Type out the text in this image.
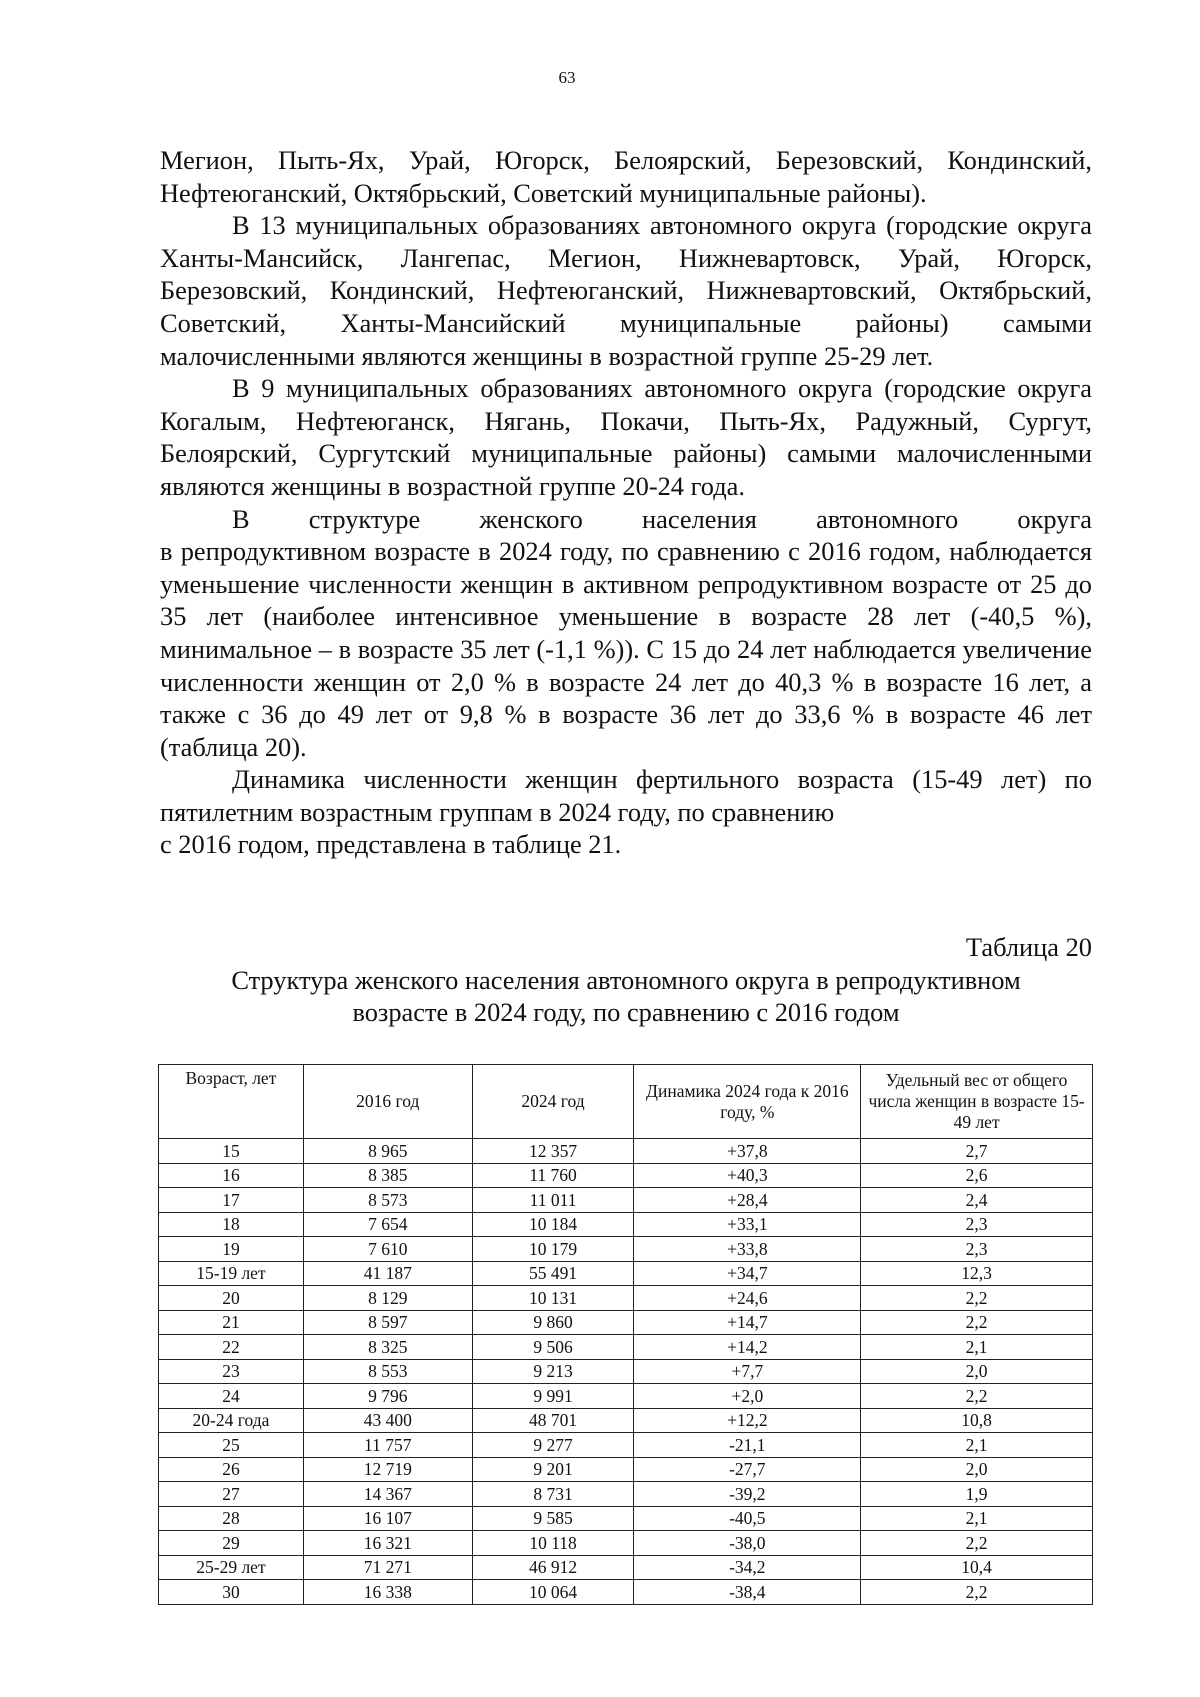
63

Мегион, Пыть-Ях, Урай, Югорск, Белоярский, Березовский, Кондинский, Нефтеюганский, Октябрьский, Советский муниципальные районы).

В 13 муниципальных образованиях автономного округа (городские округа Ханты-Мансийск, Лангепас, Мегион, Нижневартовск, Урай, Югорск, Березовский, Кондинский, Нефтеюганский, Нижневартовский, Октябрьский, Советский, Ханты-Мансийский муниципальные районы) самыми малочисленными являются женщины в возрастной группе 25-29 лет.

В 9 муниципальных образованиях автономного округа (городские округа Когалым, Нефтеюганск, Нягань, Покачи, Пыть-Ях, Радужный, Сургут, Белоярский, Сургутский муниципальные районы) самыми малочисленными являются женщины в возрастной группе 20-24 года.

В структуре женского населения автономного округа

в репродуктивном возрасте в 2024 году, по сравнению с 2016 годом, наблюдается уменьшение численности женщин в активном репродуктивном возрасте от 25 до 35 лет (наиболее интенсивное уменьшение в возрасте 28 лет (-40,5 %), минимальное – в возрасте 35 лет (-1,1 %)). С 15 до 24 лет наблюдается увеличение численности женщин от 2,0 % в возрасте 24 лет до 40,3 % в возрасте 16 лет, а также с 36 до 49 лет от 9,8 % в возрасте 36 лет до 33,6 % в возрасте 46 лет (таблица 20).

Динамика численности женщин фертильного возраста (15-49 лет) по пятилетним возрастным группам в 2024 году, по сравнению

с 2016 годом, представлена в таблице 21.

Таблица 20
Структура женского населения автономного округа в репродуктивном
возрасте в 2024 году, по сравнению с 2016 годом
Возраст, лет	2016 год	2024 год	Динамика 2024 года к 2016 году, %	Удельный вес от общего числа женщин в возрасте 15-49 лет
15	8 965	12 357	+37,8	2,7
16	8 385	11 760	+40,3	2,6
17	8 573	11 011	+28,4	2,4
18	7 654	10 184	+33,1	2,3
19	7 610	10 179	+33,8	2,3
15-19 лет	41 187	55 491	+34,7	12,3
20	8 129	10 131	+24,6	2,2
21	8 597	9 860	+14,7	2,2
22	8 325	9 506	+14,2	2,1
23	8 553	9 213	+7,7	2,0
24	9 796	9 991	+2,0	2,2
20-24 года	43 400	48 701	+12,2	10,8
25	11 757	9 277	-21,1	2,1
26	12 719	9 201	-27,7	2,0
27	14 367	8 731	-39,2	1,9
28	16 107	9 585	-40,5	2,1
29	16 321	10 118	-38,0	2,2
25-29 лет	71 271	46 912	-34,2	10,4
30	16 338	10 064	-38,4	2,2
